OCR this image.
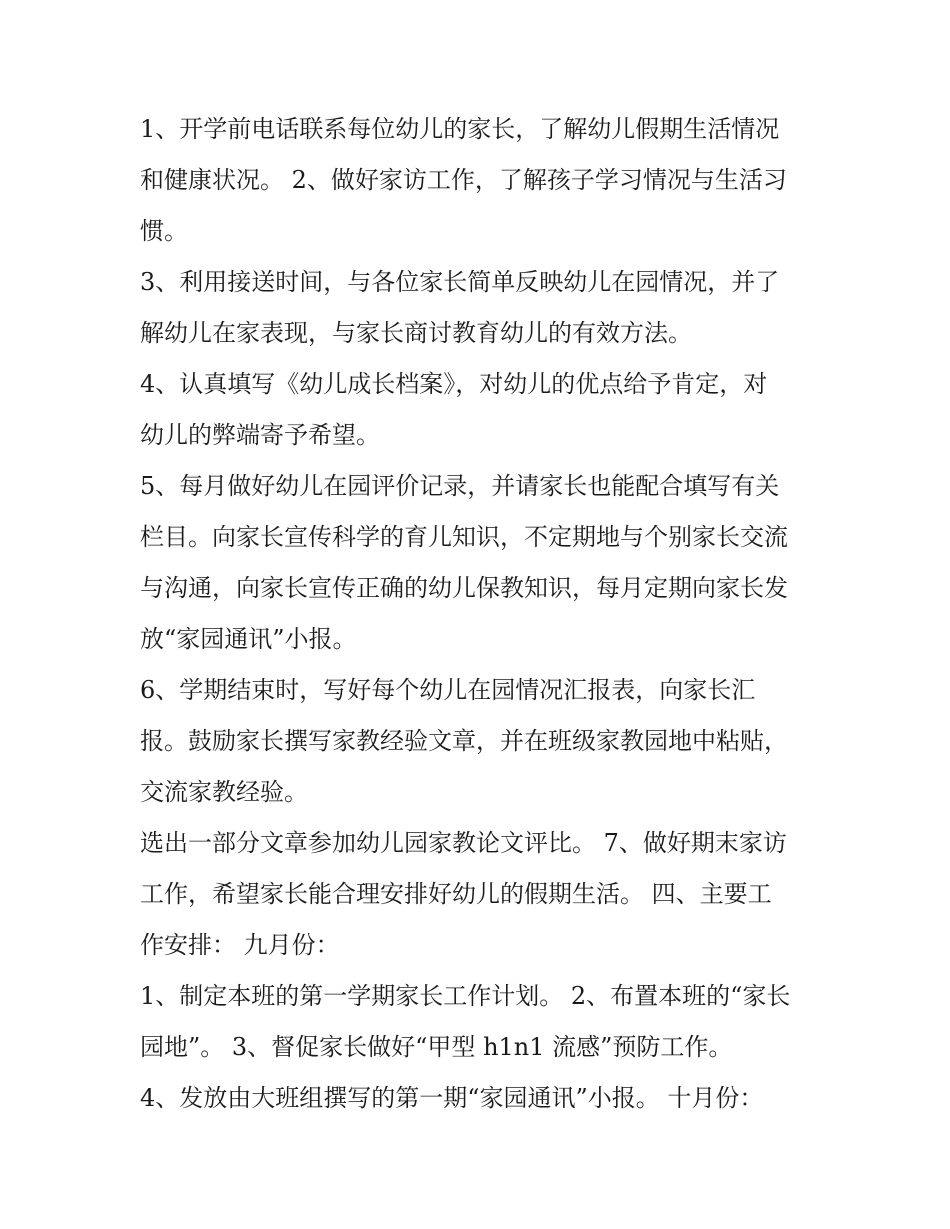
1、开学前电话联系每位幼儿的家长，了解幼儿假期生活情况
和健康状况。 2、做好家访工作，了解孩子学习情况与生活习
惯。
3、利用接送时间，与各位家长简单反映幼儿在园情况，并了
解幼儿在家表现，与家长商讨教育幼儿的有效方法。
4、认真填写《幼儿成长档案》，对幼儿的优点给予肯定，对
幼儿的弊端寄予希望。
5、每月做好幼儿在园评价记录，并请家长也能配合填写有关
栏目。向家长宣传科学的育儿知识，不定期地与个别家长交流
与沟通，向家长宣传正确的幼儿保教知识，每月定期向家长发
放“家园通讯”小报。
6、学期结束时，写好每个幼儿在园情况汇报表，向家长汇
报。鼓励家长撰写家教经验文章，并在班级家教园地中粘贴，
交流家教经验。
选出一部分文章参加幼儿园家教论文评比。 7、做好期末家访
工作，希望家长能合理安排好幼儿的假期生活。 四、主要工
作安排： 九月份：
1、制定本班的第一学期家长工作计划。 2、布置本班的“家长
园地”。 3、督促家长做好“甲型 h1n1 流感”预防工作。
4、发放由大班组撰写的第一期“家园通讯”小报。 十月份：
